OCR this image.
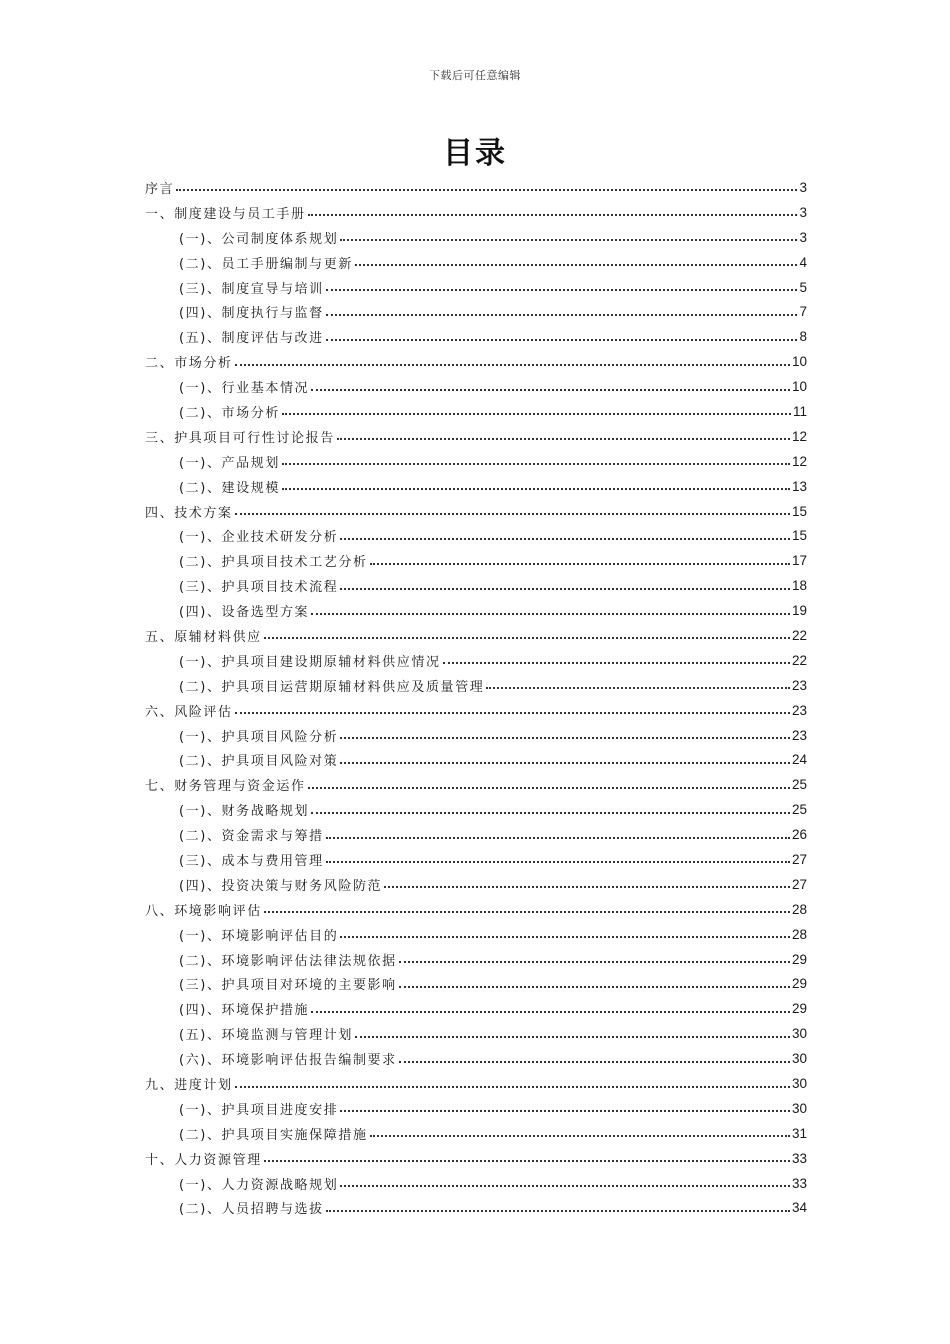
下载后可任意编辑
目录
序言	3
一、制度建设与员工手册	3
(一)、公司制度体系规划	3
(二)、员工手册编制与更新	4
(三)、制度宣导与培训	5
(四)、制度执行与监督	7
(五)、制度评估与改进	8
二、市场分析	10
(一)、行业基本情况	10
(二)、市场分析	11
三、护具项目可行性讨论报告	12
(一)、产品规划	12
(二)、建设规模	13
四、技术方案	15
(一)、企业技术研发分析	15
(二)、护具项目技术工艺分析	17
(三)、护具项目技术流程	18
(四)、设备选型方案	19
五、原辅材料供应	22
(一)、护具项目建设期原辅材料供应情况	22
(二)、护具项目运营期原辅材料供应及质量管理	23
六、风险评估	23
(一)、护具项目风险分析	23
(二)、护具项目风险对策	24
七、财务管理与资金运作	25
(一)、财务战略规划	25
(二)、资金需求与筹措	26
(三)、成本与费用管理	27
(四)、投资决策与财务风险防范	27
八、环境影响评估	28
(一)、环境影响评估目的	28
(二)、环境影响评估法律法规依据	29
(三)、护具项目对环境的主要影响	29
(四)、环境保护措施	29
(五)、环境监测与管理计划	30
(六)、环境影响评估报告编制要求	30
九、进度计划	30
(一)、护具项目进度安排	30
(二)、护具项目实施保障措施	31
十、人力资源管理	33
(一)、人力资源战略规划	33
(二)、人员招聘与选拔	34
